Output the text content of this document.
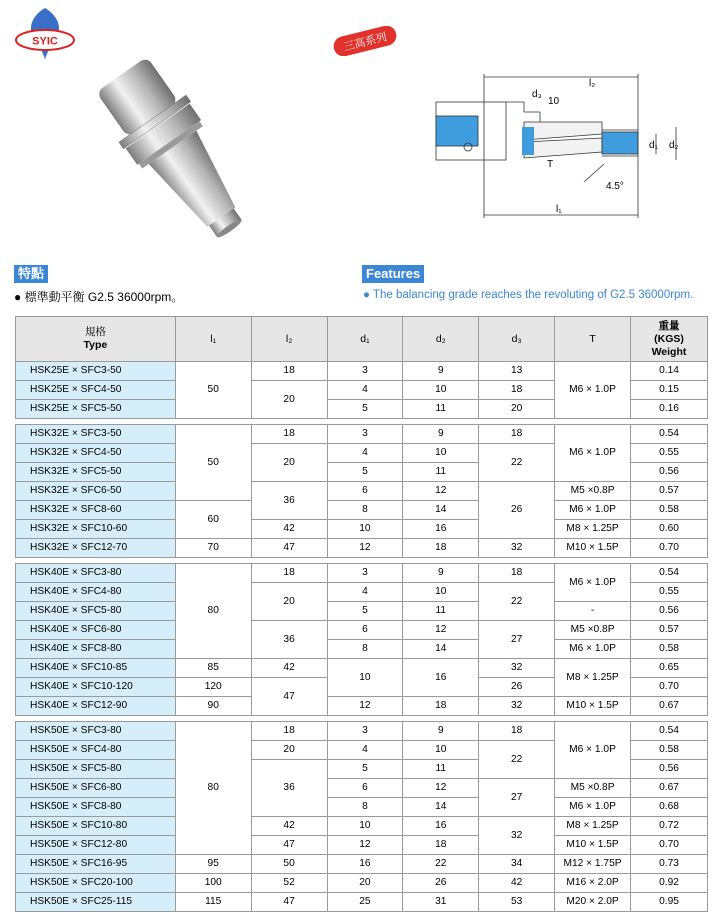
SYIC	三高系列
l₂
d₃
10
T
d₁ d₂
4.5°
l₁
特點
● 標準動平衡 G2.5 36000rpm。
Features
● The balancing grade reaches the revoluting of G2.5 36000rpm.
規格
Type	l₁	l₂	d₁	d₂	d₃	T	重量
(KGS)
Weight
HSK25E × SFC3-50	50	18	3	9	13	M6 × 1.0P	0.14
HSK25E × SFC4-50		20	4	10	18		0.15
HSK25E × SFC5-50			5	11	20		0.16

HSK32E × SFC3-50	50	18	3	9	18	M6 × 1.0P	0.54
HSK32E × SFC4-50		20	4	10	22		0.55
HSK32E × SFC5-50			5	11			0.56
HSK32E × SFC6-50		36	6	12	26	M5 ×0.8P	0.57
HSK32E × SFC8-60	60		8	14		M6 × 1.0P	0.58
HSK32E × SFC10-60		42	10	16		M8 × 1.25P	0.60
HSK32E × SFC12-70	70	47	12	18	32	M10 × 1.5P	0.70

HSK40E × SFC3-80	80	18	3	9	18	M6 × 1.0P	0.54
HSK40E × SFC4-80		20	4	10	22		0.55
HSK40E × SFC5-80			5	11		-	0.56
HSK40E × SFC6-80		36	6	12	27	M5 ×0.8P	0.57
HSK40E × SFC8-80			8	14		M6 × 1.0P	0.58
HSK40E × SFC10-85	85	42	10	16	32	M8 × 1.25P	0.65
HSK40E × SFC10-120	120	47			26		0.70
HSK40E × SFC12-90	90		12	18	32	M10 × 1.5P	0.67

HSK50E × SFC3-80	80	18	3	9	18	M6 × 1.0P	0.54
HSK50E × SFC4-80		20	4	10	22		0.58
HSK50E × SFC5-80		36	5	11			0.56
HSK50E × SFC6-80			6	12	27	M5 ×0.8P	0.67
HSK50E × SFC8-80			8	14		M6 × 1.0P	0.68
HSK50E × SFC10-80		42	10	16	32	M8 × 1.25P	0.72
HSK50E × SFC12-80		47	12	18		M10 × 1.5P	0.70
HSK50E × SFC16-95	95	50	16	22	34	M12 × 1.75P	0.73
HSK50E × SFC20-100	100	52	20	26	42	M16 × 2.0P	0.92
HSK50E × SFC25-115	115	47	25	31	53	M20 × 2.0P	0.95
